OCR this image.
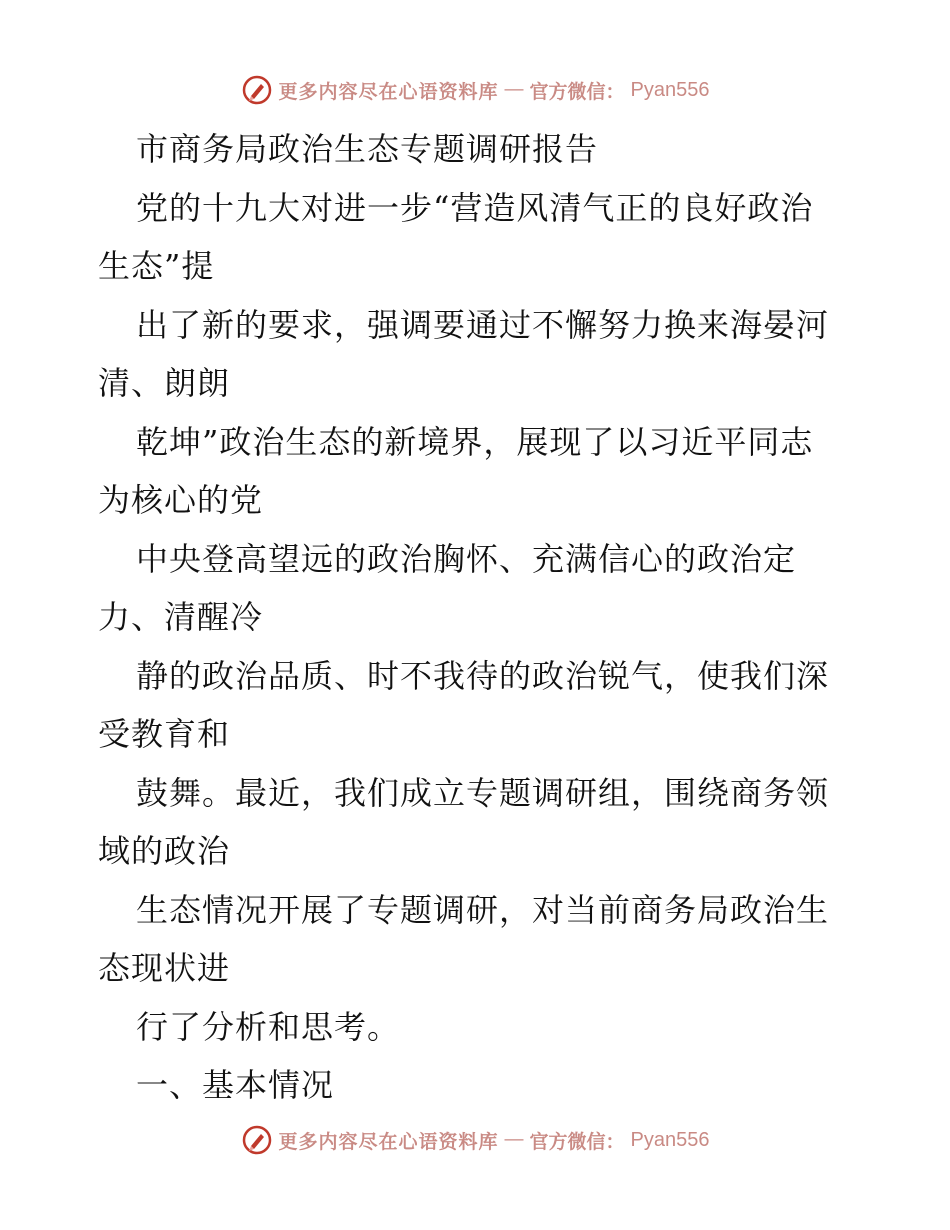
更多内容尽在心语资料库 — 官方微信： Pyan556
市商务局政治生态专题调研报告
党的十九大对进一步“营造风清气正的良好政治
生态”提
出了新的要求，强调要通过不懈努力换来海晏河
清、朗朗
乾坤”政治生态的新境界，展现了以习近平同志
为核心的党
中央登高望远的政治胸怀、充满信心的政治定
力、清醒冷
静的政治品质、时不我待的政治锐气，使我们深
受教育和
鼓舞。最近，我们成立专题调研组，围绕商务领
域的政治
生态情况开展了专题调研，对当前商务局政治生
态现状进
行了分析和思考。
一、基本情况
更多内容尽在心语资料库 — 官方微信： Pyan556
